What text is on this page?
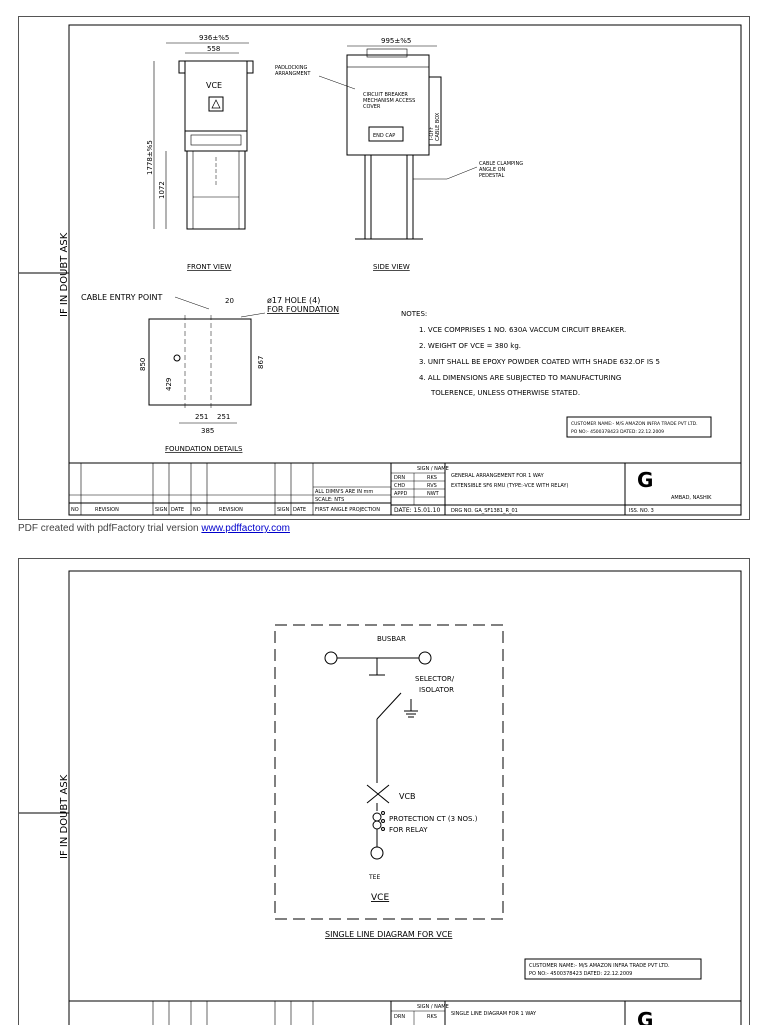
IF IN DOUBT ASK
936±%5
558
VCE
1778±%5
1072
FRONT VIEW
995±%5
END CAP
PADLOCKING
ARRANGMENT
CIRCUIT BREAKER
MECHANISM ACCESS
COVER
T-OFF CABLE BOX
CABLE CLAMPING
ANGLE ON
PEDESTAL
SIDE VIEW
CABLE ENTRY POINT	20	ø17 HOLE (4)
FOR FOUNDATION
850
429
867
251 251
385
FOUNDATION DETAILS
NOTES:
1. VCE COMPRISES 1 NO. 630A VACCUM CIRCUIT BREAKER.
2. WEIGHT OF VCE = 380 kg.
3. UNIT SHALL BE EPOXY POWDER COATED WITH SHADE 632.OF IS 5
4. ALL DIMENSIONS ARE SUBJECTED TO MANUFACTURING
TOLERENCE, UNLESS OTHERWISE STATED.
CUSTOMER NAME:- M/S AMAZON INFRA TRADE PVT LTD.
PO NO:- 4500378423 DATED: 22.12.2009
SIGN / NAME
DRN	RKS
CHD	RVS
APPD	NWT
ALL DIMN'S ARE IN mm
SCALE: NTS
FIRST ANGLE PROJECTION DATE: 15.01.10
GENERAL ARRANGEMENT FOR 1 WAY
EXTENSIBLE SF6 RMU (TYPE:-VCE WITH RELAY)
DRG NO. GA_SF1381_R_01	ISS. NO. 3
G
AMBAD, NASHIK
NO	REVISION	SIGN DATE NO	REVISION	SIGN DATE
PDF created with pdfFactory trial version www.pdffactory.com
IF IN DOUBT ASK
BUSBAR
SELECTOR/
ISOLATOR
VCB
PROTECTION CT (3 NOS.)
FOR RELAY
TEE
VCE
SINGLE LINE DIAGRAM FOR VCE
CUSTOMER NAME:- M/S AMAZON INFRA TRADE PVT LTD.
PO NO:- 4500378423 DATED: 22.12.2009
SIGN / NAME
DRN	RKS	SINGLE LINE DIAGRAM FOR 1 WAY	G
